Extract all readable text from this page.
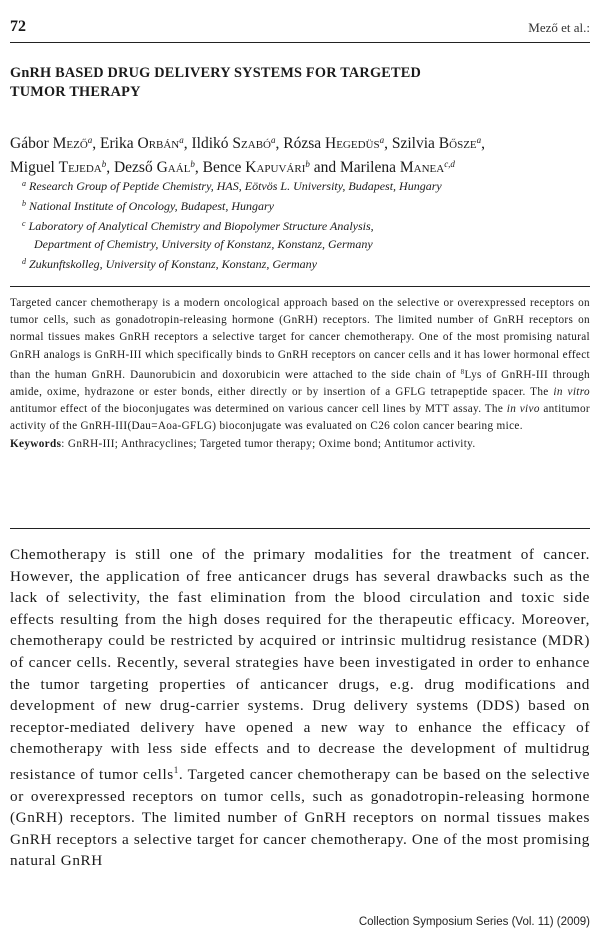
72	Mező et al.:
GnRH BASED DRUG DELIVERY SYSTEMS FOR TARGETED
TUMOR THERAPY
Gábor Mező$^a$, Erika Orbán$^a$, Ildikó Szabó$^a$, Rózsa Hegedüs$^a$, Szilvia Bősze$^a$,
Miguel Tejeda$^b$, Dezső Gaál$^b$, Bence Kapuvári$^b$ and Marilena Manea$^{c,d}$
$^a$ Research Group of Peptide Chemistry, HAS, Eötvös L. University, Budapest, Hungary
$^b$ National Institute of Oncology, Budapest, Hungary
$^c$ Laboratory of Analytical Chemistry and Biopolymer Structure Analysis,
Department of Chemistry, University of Konstanz, Konstanz, Germany
$^d$ Zukunftskolleg, University of Konstanz, Konstanz, Germany

Targeted cancer chemotherapy is a modern oncological approach based on the selective or overexpressed receptors on tumor cells, such as gonadotropin-releasing hormone (GnRH) receptors. The limited number of GnRH receptors on normal tissues makes GnRH receptors a selective target for cancer chemotherapy. One of the most promising natural GnRH analogs is GnRH-III which specifically binds to GnRH receptors on cancer cells and it has lower hormonal effect than the human GnRH. Daunorubicin and doxorubicin were attached to the side chain of $^8$Lys of GnRH-III through amide, oxime, hydrazone or ester bonds, either directly or by insertion of a GFLG tetrapeptide spacer. The in vitro antitumor effect of the bioconjugates was determined on various cancer cell lines by MTT assay. The in vivo antitumor activity of the GnRH-III(Dau=Aoa-GFLG) bioconjugate was evaluated on C26 colon cancer bearing mice.

Keywords: GnRH-III; Anthracyclines; Targeted tumor therapy; Oxime bond; Antitumor activity.

Chemotherapy is still one of the primary modalities for the treatment of cancer. However, the application of free anticancer drugs has several drawbacks such as the lack of selectivity, the fast elimination from the blood circulation and toxic side effects resulting from the high doses required for the therapeutic efficacy. Moreover, chemotherapy could be restricted by acquired or intrinsic multidrug resistance (MDR) of cancer cells. Recently, several strategies have been investigated in order to enhance the tumor targeting properties of anticancer drugs, e.g. drug modifications and development of new drug-carrier systems. Drug delivery systems (DDS) based on receptor-mediated delivery have opened a new way to enhance the efficacy of chemotherapy with less side effects and to decrease the development of multidrug resistance of tumor cells$^1$. Targeted cancer chemotherapy can be based on the selective or overexpressed receptors on tumor cells, such as gonadotropin-releasing hormone (GnRH) receptors. The limited number of GnRH receptors on normal tissues makes GnRH receptors a selective target for cancer chemotherapy. One of the most promising natural GnRH
Collection Symposium Series (Vol. 11) (2009)
